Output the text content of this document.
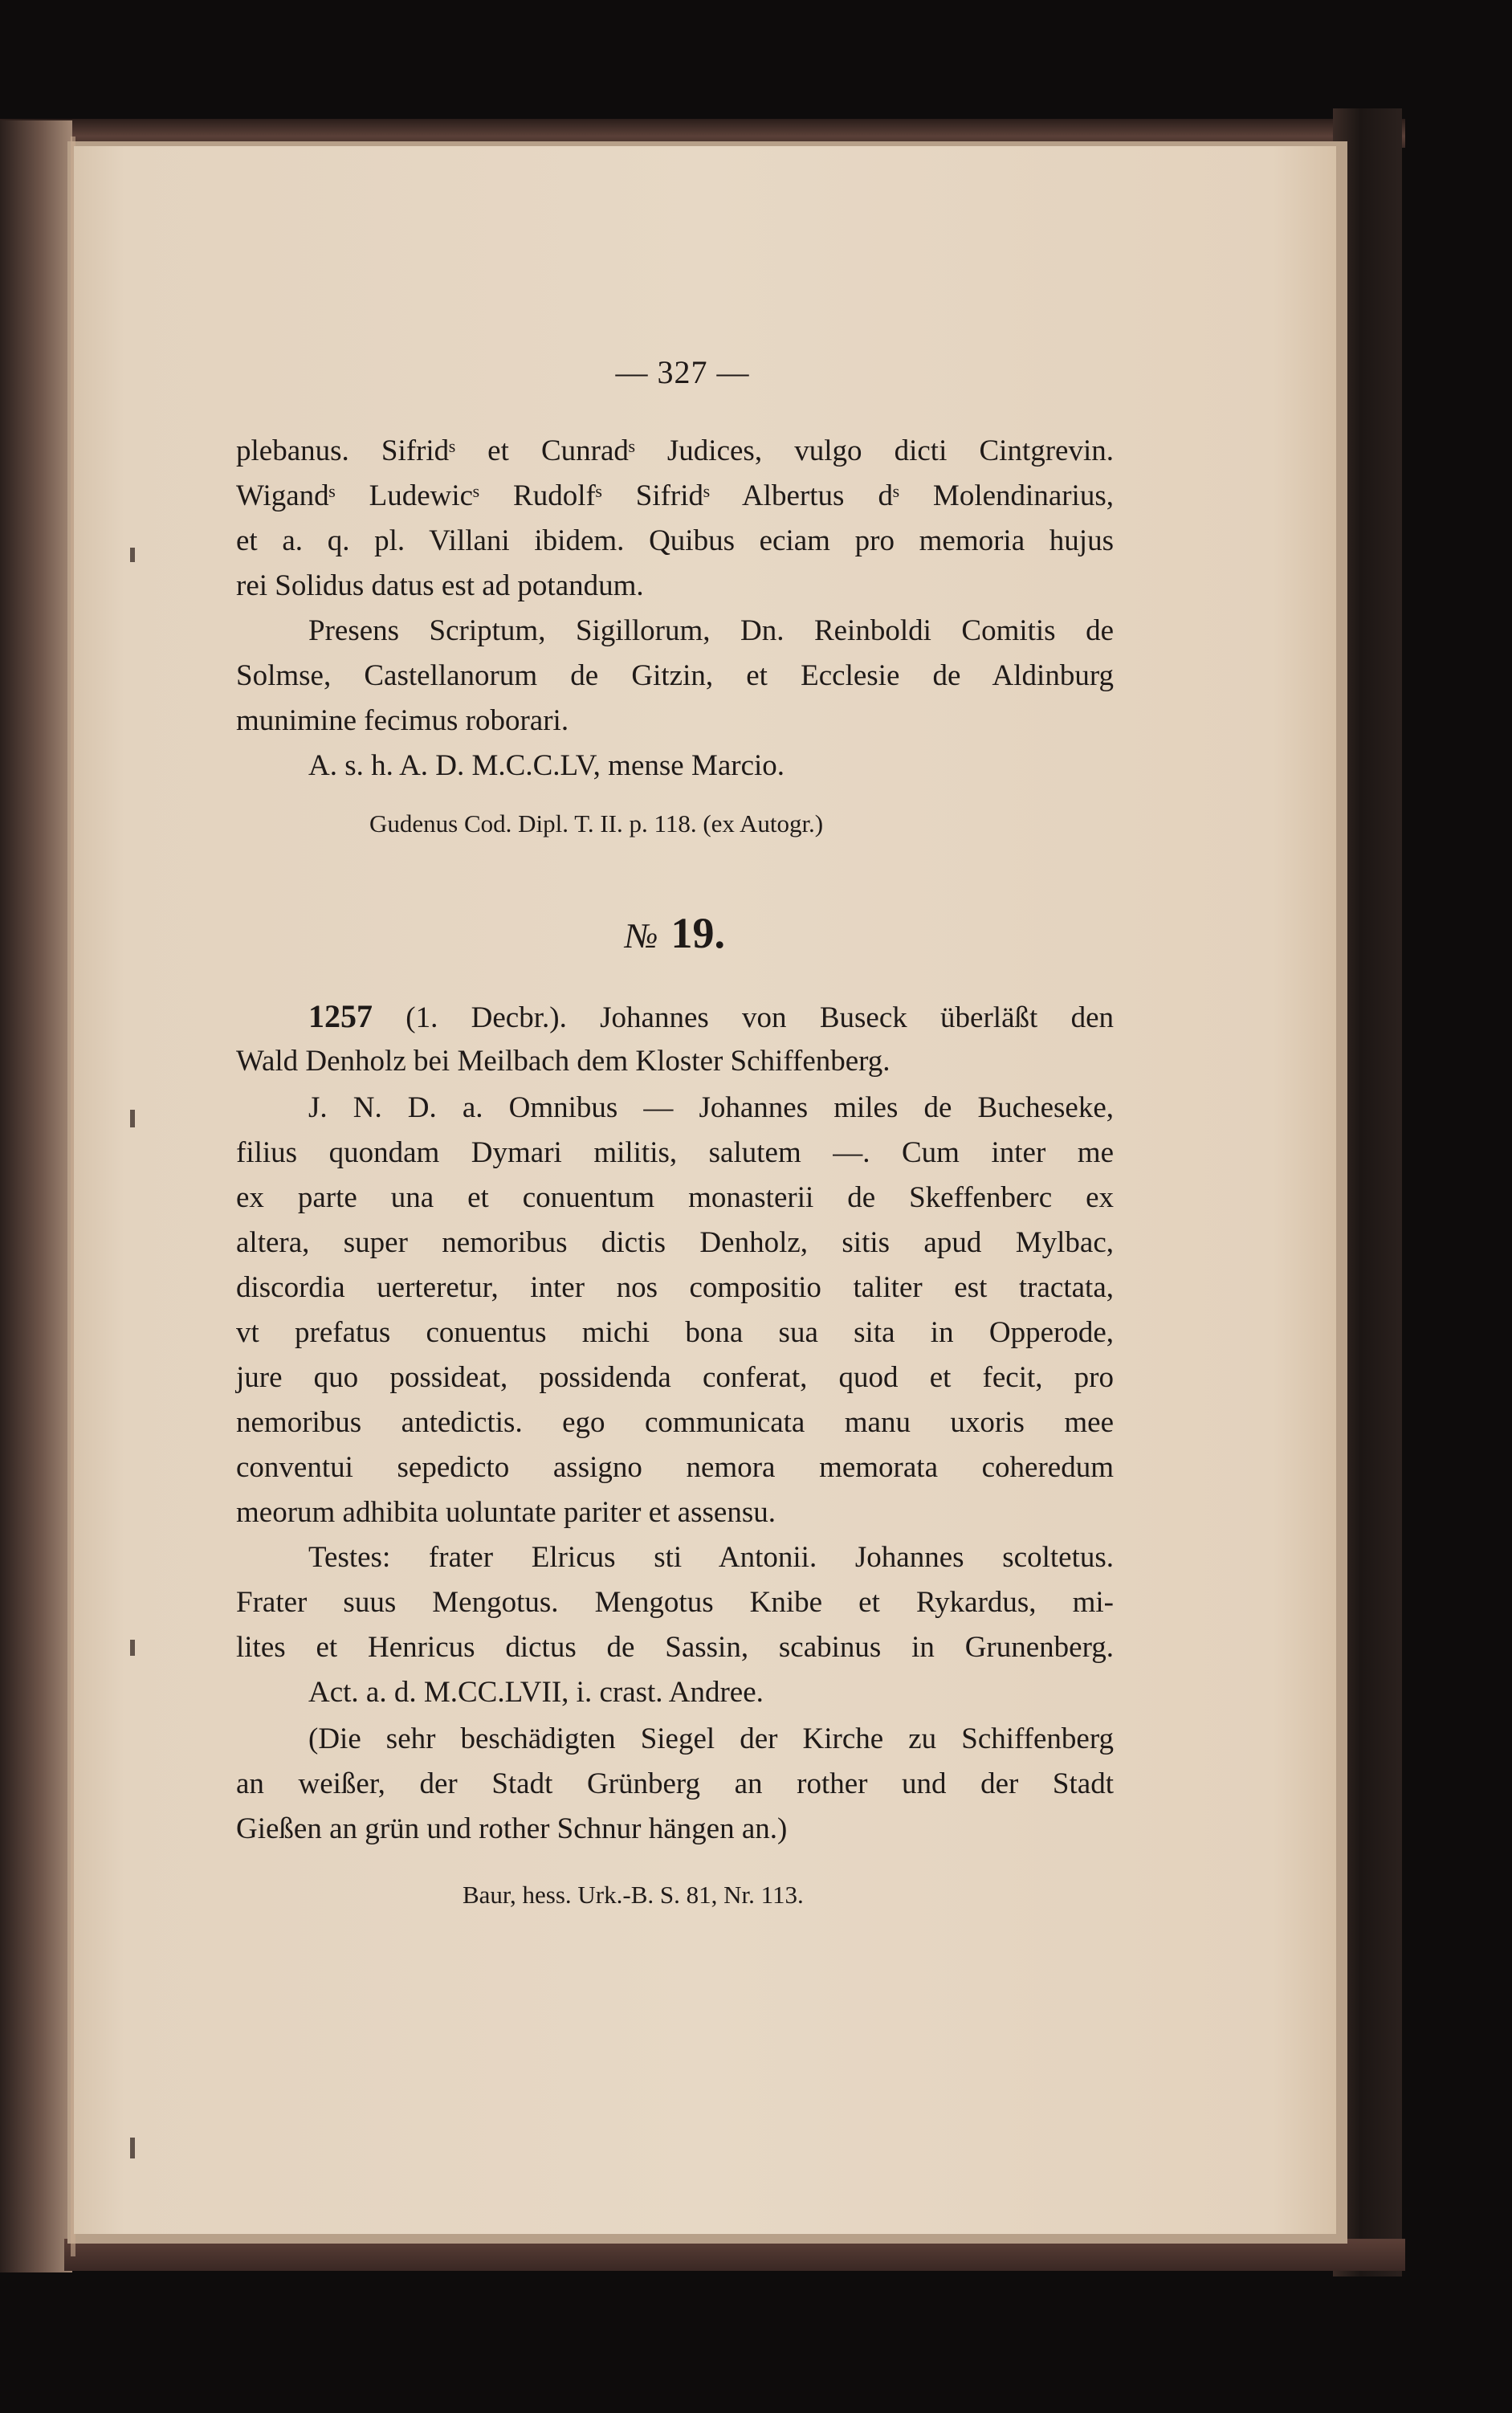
— 327 —
plebanus. Sifridˢ et Cunradˢ Judices, vulgo dicti Cintgrevin.
Wigandˢ Ludewicˢ Rudolfˢ Sifridˢ Albertus dˢ Molendinarius,
et a. q. pl. Villani ibidem. Quibus eciam pro memoria hujus
rei Solidus datus est ad potandum.
Presens Scriptum, Sigillorum, Dn. Reinboldi Comitis de
Solmse, Castellanorum de Gitzin, et Ecclesie de Aldinburg
munimine fecimus roborari.
A. s. h. A. D. M.C.C.LV, mense Marcio.
Gudenus Cod. Dipl. T. II. p. 118. (ex Autogr.)
№ 19.
1257 (1. Decbr.). Johannes von Buseck überläßt den
Wald Denholz bei Meilbach dem Kloster Schiffenberg.
J. N. D. a. Omnibus — Johannes miles de Bucheseke,
filius quondam Dymari militis, salutem —. Cum inter me
ex parte una et conuentum monasterii de Skeffenberc ex
altera, super nemoribus dictis Denholz, sitis apud Mylbac,
discordia uerteretur, inter nos compositio taliter est tractata,
vt prefatus conuentus michi bona sua sita in Opperode,
jure quo possideat, possidenda conferat, quod et fecit, pro
nemoribus antedictis. ego communicata manu uxoris mee
conventui sepedicto assigno nemora memorata coheredum
meorum adhibita uoluntate pariter et assensu.
Testes: frater Elricus sti Antonii. Johannes scoltetus.
Frater suus Mengotus. Mengotus Knibe et Rykardus, mi-
lites et Henricus dictus de Sassin, scabinus in Grunenberg.
Act. a. d. M.CC.LVII, i. crast. Andree.
(Die sehr beschädigten Siegel der Kirche zu Schiffenberg
an weißer, der Stadt Grünberg an rother und der Stadt
Gießen an grün und rother Schnur hängen an.)
Baur, hess. Urk.-B. S. 81, Nr. 113.
